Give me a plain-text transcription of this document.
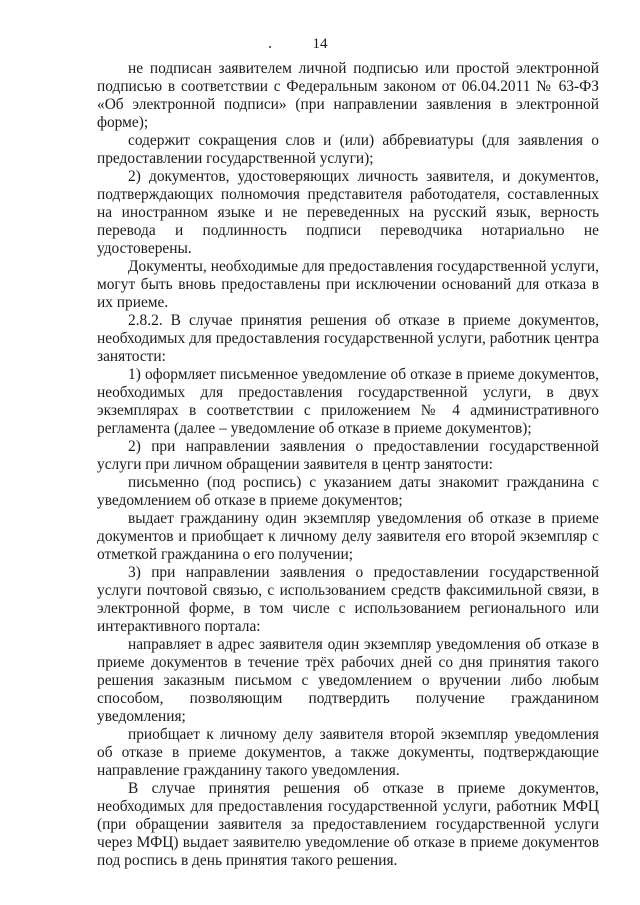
14

не подписан заявителем личной подписью или простой электронной подписью в соответствии с Федеральным законом от 06.04.2011 № 63-ФЗ «Об электронной подписи» (при направлении заявления в электронной форме);

содержит сокращения слов и (или) аббревиатуры (для заявления о предоставлении государственной услуги);

2) документов, удостоверяющих личность заявителя, и документов, подтверждающих полномочия представителя работодателя, составленных на иностранном языке и не переведенных на русский язык, верность перевода и подлинность подписи переводчика нотариально не удостоверены.

Документы, необходимые для предоставления государственной услуги, могут быть вновь предоставлены при исключении оснований для отказа в их приеме.

2.8.2. В случае принятия решения об отказе в приеме документов, необходимых для предоставления государственной услуги, работник центра занятости:

1) оформляет письменное уведомление об отказе в приеме документов, необходимых для предоставления государственной услуги, в двух экземплярах в соответствии с приложением № 4 административного регламента (далее – уведомление об отказе в приеме документов);

2) при направлении заявления о предоставлении государственной услуги при личном обращении заявителя в центр занятости:

письменно (под роспись) с указанием даты знакомит гражданина с уведомлением об отказе в приеме документов;

выдает гражданину один экземпляр уведомления об отказе в приеме документов и приобщает к личному делу заявителя его второй экземпляр с отметкой гражданина о его получении;

3) при направлении заявления о предоставлении государственной услуги почтовой связью, с использованием средств факсимильной связи, в электронной форме, в том числе с использованием регионального или интерактивного портала:

направляет в адрес заявителя один экземпляр уведомления об отказе в приеме документов в течение трёх рабочих дней со дня принятия такого решения заказным письмом с уведомлением о вручении либо любым способом, позволяющим подтвердить получение гражданином уведомления;

приобщает к личному делу заявителя второй экземпляр уведомления об отказе в приеме документов, а также документы, подтверждающие направление гражданину такого уведомления.

В случае принятия решения об отказе в приеме документов, необходимых для предоставления государственной услуги, работник МФЦ (при обращении заявителя за предоставлением государственной услуги через МФЦ) выдает заявителю уведомление об отказе в приеме документов под роспись в день принятия такого решения.
